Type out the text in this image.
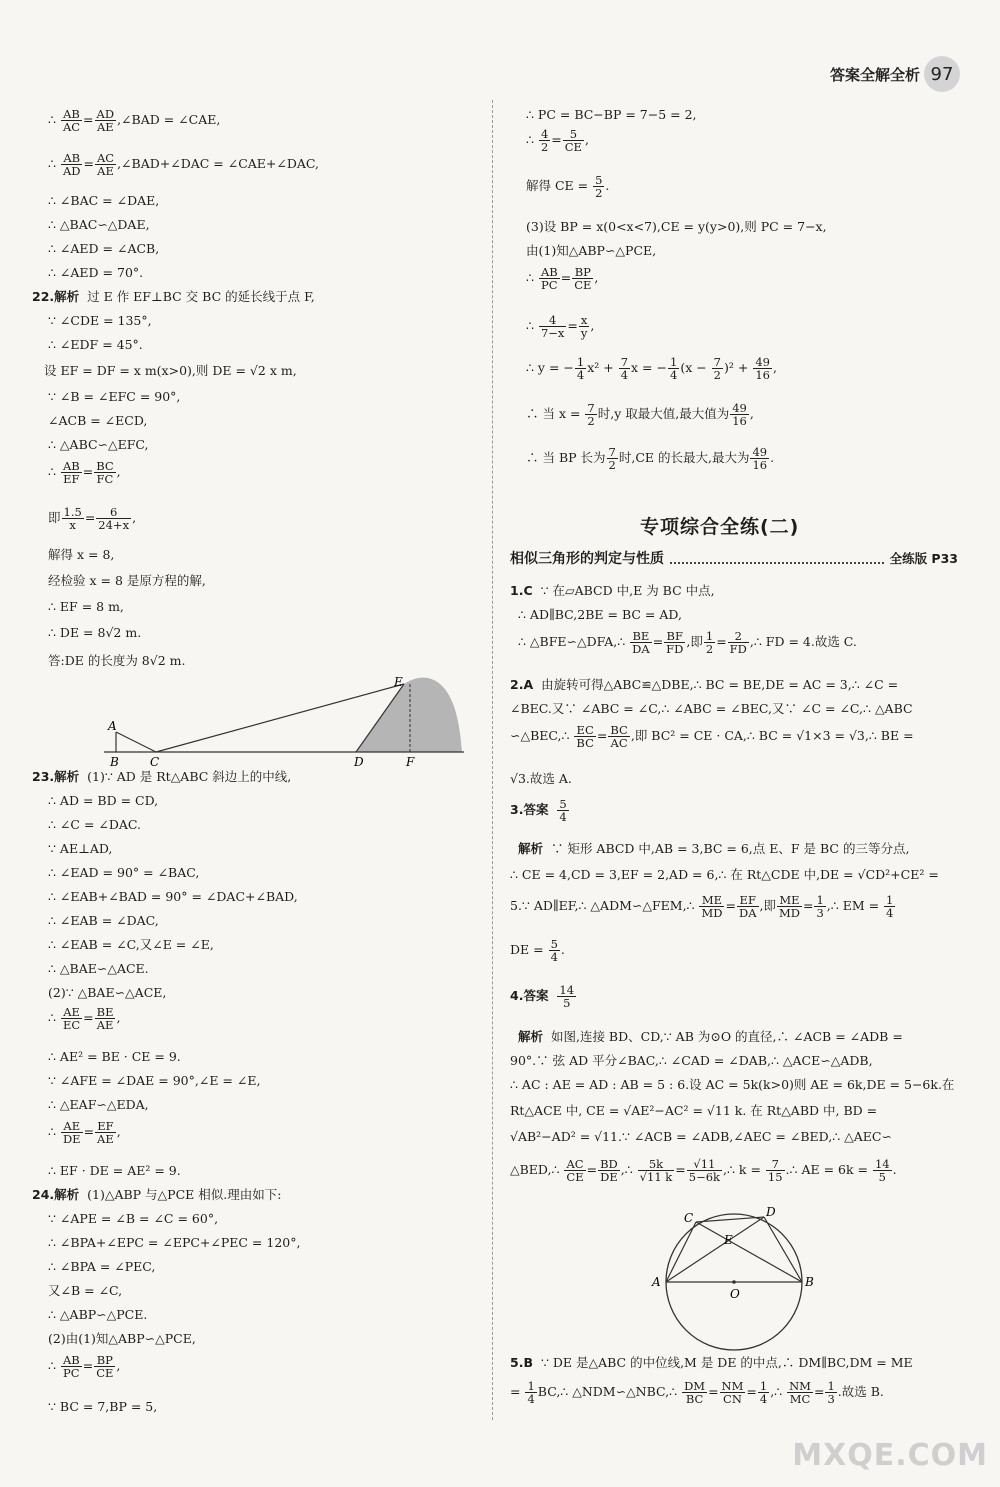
答案全解全析 97
∴ $\frac{AB}{AC} = \frac{AD}{AE}$ ,∠BAD = ∠CAE,
∴ $\frac{AB}{AD} = \frac{AC}{AE}$ ,∠BAD+∠DAC = ∠CAE+∠DAC,
∴ ∠BAC = ∠DAE,
∴ △BAC∽△DAE,
∴ ∠AED = ∠ACB,
∴ ∠AED = 70°.
22.解析 过 E 作 EF⊥BC 交 BC 的延长线于点 F,
∵ ∠CDE = 135°,
∴ ∠EDF = 45°.
设 EF = DF = x m(x>0),则 DE = √2 x m,
∵ ∠B = ∠EFC = 90°,
∠ACB = ∠ECD,
∴ △ABC∽△EFC,
∴ $\frac{AB}{EF} = \frac{BC}{FC}$ ,
即 $\frac{1.5}{x} = \frac{6}{24+x}$ ,
解得 x = 8,
经检验 x = 8 是原方程的解,
∴ EF = 8 m,
∴ DE = 8√2 m.
答:DE 的长度为 8√2 m.
A
B	C	D
E
F
23.解析 (1)∵ AD 是 Rt△ABC 斜边上的中线,
∴ AD = BD = CD,
∴ ∠C = ∠DAC.
∵ AE⊥AD,
∴ ∠EAD = 90° = ∠BAC,
∴ ∠EAB+∠BAD = 90° = ∠DAC+∠BAD,
∴ ∠EAB = ∠DAC,
∴ ∠EAB = ∠C,又∠E = ∠E,
∴ △BAE∽△ACE.
(2)∵ △BAE∽△ACE,
∴ $\frac{AE}{EC} = \frac{BE}{AE}$ ,
∴ AE² = BE · CE = 9.
∵ ∠AFE = ∠DAE = 90°,∠E = ∠E,
∴ △EAF∽△EDA,
∴ $\frac{AE}{DE} = \frac{EF}{AE}$ ,
∴ EF · DE = AE² = 9.
24.解析 (1)△ABP 与△PCE 相似.理由如下:
∵ ∠APE = ∠B = ∠C = 60°,
∴ ∠BPA+∠EPC = ∠EPC+∠PEC = 120°,
∴ ∠BPA = ∠PEC,
又∠B = ∠C,
∴ △ABP∽△PCE.
(2)由(1)知△ABP∽△PCE,
∴ $\frac{AB}{PC} = \frac{BP}{CE}$ ,
∵ BC = 7,BP = 5,
∴ PC = BC−BP = 7−5 = 2,
∴ $\frac{4}{2} = \frac{5}{CE}$ ,
解得 CE = $\frac{5}{2}$ .
(3)设 BP = x(0<x<7),CE = y(y>0),则 PC = 7−x,
由(1)知△ABP∽△PCE,
∴ $\frac{AB}{PC} = \frac{BP}{CE}$ ,
∴ $\frac{4}{7-x} = \frac{x}{y}$ ,
∴ y = − $\frac{1}{4} x^2 + \frac{7}{4}$ x = − $\frac{1}{4} (x - \frac{7}{2} )^2 + \frac{49}{16}$ ,
∴ 当 $x = \frac{7}{2}$ 时,y 取最大值,最大值为 $\frac{49}{16}$ ,
∴ 当 BP 长为 $\frac{7}{2}$ 时,CE 的长最大,最大为 $\frac{49}{16}$ .
专项综合全练(二)
相似三角形的判定与性质	全练版 P33
1.C ∵ 在▱ABCD 中,E 为 BC 中点,
∴ AD∥BC,2BE = BC = AD,
∴ △BFE∽△DFA,∴ $\frac{BE}{DA} = \frac{BF}{FD}$ ,即 $\frac{1}{2} = \frac{2}{FD}$ ,∴ FD = 4.故选 C.
2.A 由旋转可得△ABC≌△DBE,∴ BC = BE,DE = AC = 3,∴ ∠C =
∠BEC.又∵ ∠ABC = ∠C,∴ ∠ABC = ∠BEC,又∵ ∠C = ∠C,∴ △ABC
∽△BEC,∴ $\frac{EC}{BC} = \frac{BC}{AC}$ ,即 BC² = CE · CA,∴ BC = √1×3 = √3,∴ BE =
√3.故选 A.
3.答案 $\frac{5}{4}$
解析 ∵ 矩形 ABCD 中,AB = 3,BC = 6,点 E、F 是 BC 的三等分点,
∴ CE = 4,CD = 3,EF = 2,AD = 6,∴ 在 Rt△CDE 中,DE = √CD²+CE² =
5.∵ AD∥EF,∴ △ADM∽△FEM,∴ $\frac{ME}{MD} = \frac{EF}{DA}$ ,即 $\frac{ME}{MD} = \frac{1}{3}$ ,∴ EM = $\frac{1}{4}$
DE = $\frac{5}{4}$ .
4.答案 $\frac{14}{5}$
解析 如图,连接 BD、CD,∵ AB 为⊙O 的直径,∴ ∠ACB = ∠ADB =
90°.∵ 弦 AD 平分∠BAC,∴ ∠CAD = ∠DAB,∴ △ACE∽△ADB,
∴ AC : AE = AD : AB = 5 : 6.设 AC = 5k(k>0)则 AE = 6k,DE = 5−6k.在
Rt△ACE 中, CE = √AE²−AC² = √11 k. 在 Rt△ABD 中, BD =
√AB²−AD² = √11.∵ ∠ACB = ∠ADB,∠AEC = ∠BED,∴ △AEC∽
△BED,∴ $\frac{AC}{CE} = \frac{BD}{DE}$ ,∴ $\frac{5k}{√11 k} = \frac{√11}{5-6k}$ ,∴ $k = \frac{7}{15}$ .∴ AE = $6k = \frac{14}{5}$ .
A	B
C	D
E
O
5.B ∵ DE 是△ABC 的中位线,M 是 DE 的中点,∴ DM∥BC,DM = ME
= $\frac{1}{4}$ BC,∴ △NDM∽△NBC,∴ $\frac{DM}{BC} = \frac{NM}{CN} = \frac{1}{4}$ ,∴ $\frac{NM}{MC} = \frac{1}{3}$ .故选 B.
MXQE.COM
